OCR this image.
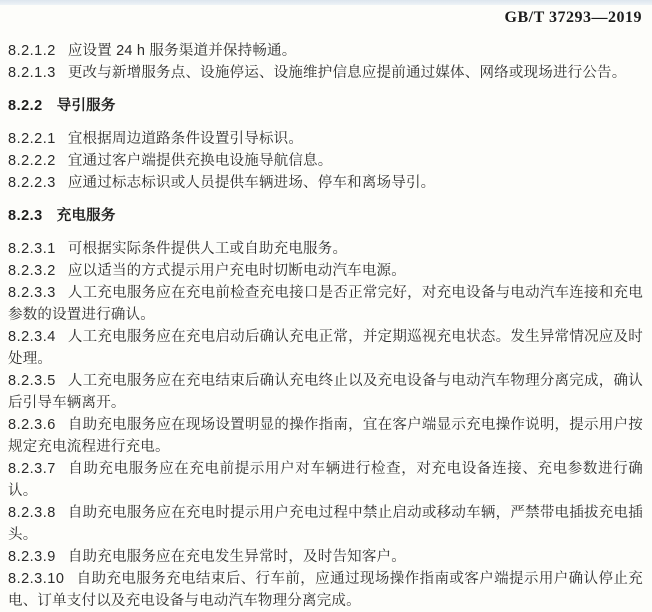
GB/T 37293—2019

8.2.1.2 应设置 24 h 服务渠道并保持畅通。

8.2.1.3 更改与新增服务点、设施停运、设施维护信息应提前通过媒体、网络或现场进行公告。

8.2.2 导引服务

8.2.2.1 宜根据周边道路条件设置引导标识。

8.2.2.2 宜通过客户端提供充换电设施导航信息。

8.2.2.3 应通过标志标识或人员提供车辆进场、停车和离场导引。

8.2.3 充电服务

8.2.3.1 可根据实际条件提供人工或自助充电服务。

8.2.3.2 应以适当的方式提示用户充电时切断电动汽车电源。

8.2.3.3 人工充电服务应在充电前检查充电接口是否正常完好，对充电设备与电动汽车连接和充电参数的设置进行确认。

8.2.3.4 人工充电服务应在充电启动后确认充电正常，并定期巡视充电状态。发生异常情况应及时处理。

8.2.3.5 人工充电服务应在充电结束后确认充电终止以及充电设备与电动汽车物理分离完成，确认后引导车辆离开。

8.2.3.6 自助充电服务应在现场设置明显的操作指南，宜在客户端显示充电操作说明，提示用户按规定充电流程进行充电。

8.2.3.7 自助充电服务应在充电前提示用户对车辆进行检查，对充电设备连接、充电参数进行确认。

8.2.3.8 自助充电服务应在充电时提示用户充电过程中禁止启动或移动车辆，严禁带电插拔充电插头。

8.2.3.9 自助充电服务应在充电发生异常时，及时告知客户。

8.2.3.10 自助充电服务充电结束后、行车前，应通过现场操作指南或客户端提示用户确认停止充电、订单支付以及充电设备与电动汽车物理分离完成。
